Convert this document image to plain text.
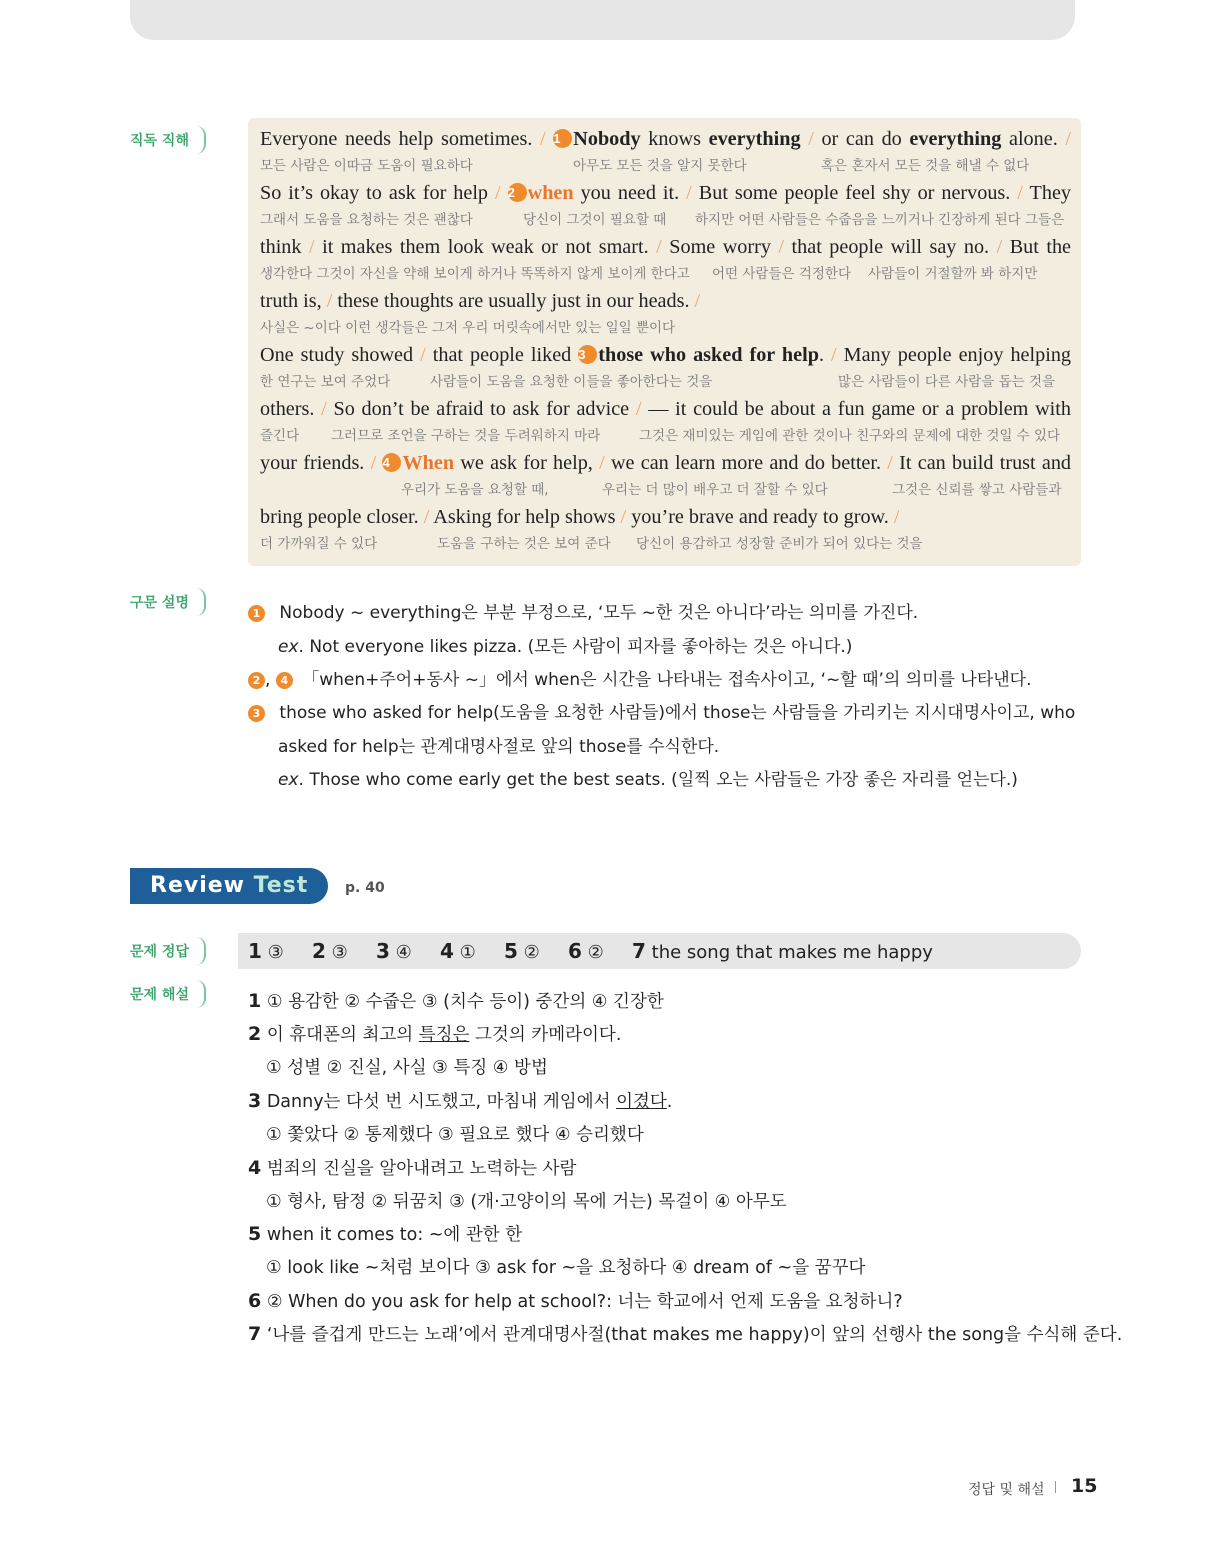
직독 직해
구문 설명
문제 정답
문제 해설
Everyone needs help sometimes. / 1 Nobody knows everything / or can do everything alone. /
모든 사람은 이따금 도움이 필요하다	아무도 모든 것을 알지 못한다	혹은 혼자서 모든 것을 해낼 수 없다
So it’s okay to ask for help / 2 when you need it. / But some people feel shy or nervous. / They
그래서 도움을 요청하는 것은 괜찮다	당신이 그것이 필요할 때 하지만 어떤 사람들은 수줍음을 느끼거나 긴장하게 된다 그들은
think / it makes them look weak or not smart. / Some worry / that people will say no. / But the
생각한다 그것이 자신을 약해 보이게 하거나 똑똑하지 않게 보이게 한다고 어떤 사람들은 걱정한다 사람들이 거절할까 봐 하지만
truth is, / these thoughts are usually just in our heads. /
사실은 ~이다 이런 생각들은 그저 우리 머릿속에서만 있는 일일 뿐이다
One study showed / that people liked 3 those who asked for help. / Many people enjoy helping
한 연구는 보여 주었다	사람들이 도움을 요청한 이들을 좋아한다는 것을	많은 사람들이 다른 사람을 돕는 것을
others. / So don’t be afraid to ask for advice / — it could be about a fun game or a problem with
즐긴다 그러므로 조언을 구하는 것을 두려워하지 마라	그것은 재미있는 게임에 관한 것이나 친구와의 문제에 대한 것일 수 있다
your friends. / 4 When we ask for help, / we can learn more and do better. / It can build trust and
우리가 도움을 요청할 때,	우리는 더 많이 배우고 더 잘할 수 있다	그것은 신뢰를 쌓고 사람들과
bring people closer. / Asking for help shows / you’re brave and ready to grow. /
더 가까워질 수 있다	도움을 구하는 것은 보여 준다 당신이 용감하고 성장할 준비가 되어 있다는 것을
1 Nobody ~ everything은 부분 부정으로, ‘모두 ~한 것은 아니다’라는 의미를 가진다.
ex. Not everyone likes pizza. (모든 사람이 피자를 좋아하는 것은 아니다.)
2 , 4 「when+주어+동사 ~」에서 when은 시간을 나타내는 접속사이고, ‘~할 때’의 의미를 나타낸다.
3 those who asked for help(도움을 요청한 사람들)에서 those는 사람들을 가리키는 지시대명사이고, who
asked for help는 관계대명사절로 앞의 those를 수식한다.
ex. Those who come early get the best seats. (일찍 오는 사람들은 가장 좋은 자리를 얻는다.)
Review Test	p. 40
1 ③ 2 ③ 3 ④ 4 ① 5 ② 6 ② 7 the song that makes me happy
1 ① 용감한 ② 수줍은 ③ (치수 등이) 중간의 ④ 긴장한
2 이 휴대폰의 최고의 특징은 그것의 카메라이다.
① 성별 ② 진실, 사실 ③ 특징 ④ 방법
3 Danny는 다섯 번 시도했고, 마침내 게임에서 이겼다.
① 쫓았다 ② 통제했다 ③ 필요로 했다 ④ 승리했다
4 범죄의 진실을 알아내려고 노력하는 사람
① 형사, 탐정 ② 뒤꿈치 ③ (개·고양이의 목에 거는) 목걸이 ④ 아무도
5 when it comes to: ~에 관한 한
① look like ~처럼 보이다 ③ ask for ~을 요청하다 ④ dream of ~을 꿈꾸다
6 ② When do you ask for help at school?: 너는 학교에서 언제 도움을 요청하니?
7 ‘나를 즐겁게 만드는 노래’에서 관계대명사절(that makes me happy)이 앞의 선행사 the song을 수식해 준다.
정답 및 해설 15
